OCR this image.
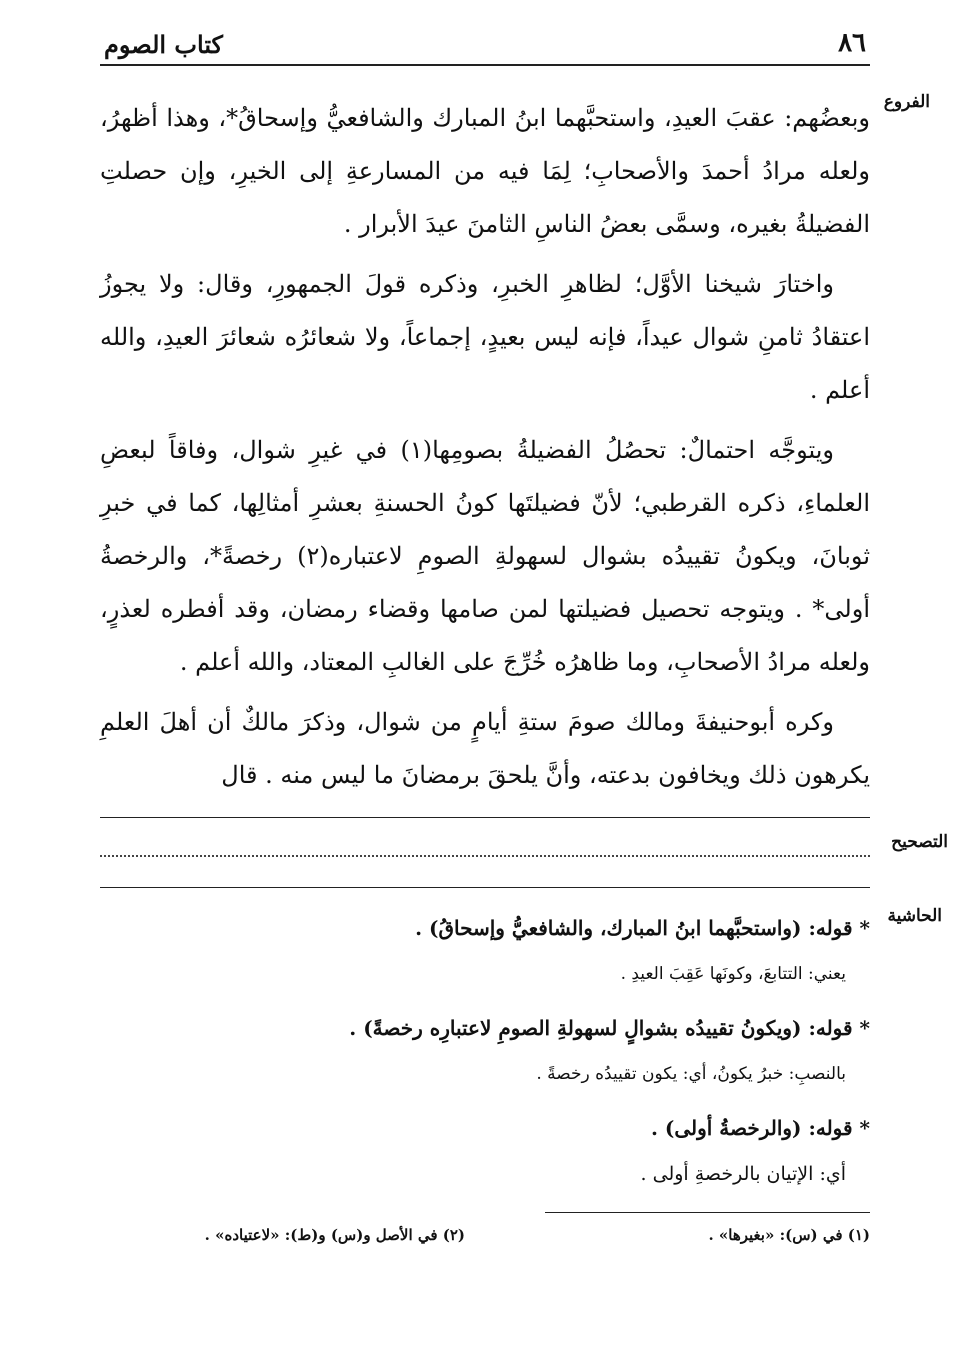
٨٦
كتاب الصوم
الفروع

وبعضُهم: عقبَ العيدِ، واستحبَّهما ابنُ المبارك والشافعيُّ وإسحاقُ*، وهذا أظهرُ، ولعله مرادُ أحمدَ والأصحابِ؛ لِمَا فيه من المسارعةِ إلى الخيرِ، وإن حصلتِ الفضيلةُ بغيره، وسمَّى بعضُ الناسِ الثامنَ عيدَ الأبرار .

واختارَ شيخنا الأوَّل؛ لظاهرِ الخبرِ، وذكره قولَ الجمهورِ، وقال: ولا يجوزُ اعتقادُ ثامنِ شوال عيداً، فإنه ليس بعيدٍ، إجماعاً، ولا شعائرُه شعائرَ العيدِ، والله أعلم .

ويتوجَّه احتمالٌ: تحصُلُ الفضيلةُ بصومِها(١) في غيرِ شوال، وفاقاً لبعضِ العلماءِ، ذكره القرطبي؛ لأنّ فضيلتَها كونُ الحسنةِ بعشرِ أمثالِها، كما في خبرِ ثوبانَ، ويكونُ تقييدُه بشوال لسهولةِ الصومِ لاعتباره(٢) رخصةً*، والرخصةُ أولى* . ويتوجه تحصيل فضيلتها لمن صامها وقضاء رمضان، وقد أفطره لعذرٍ، ولعله مرادُ الأصحابِ، وما ظاهرُه خُرِّجَ على الغالبِ المعتاد، والله أعلم .

وكره أبوحنيفةَ ومالك صومَ ستةِ أيامٍ من شوال، وذكرَ مالكٌ أن أهلَ العلمِ يكرهون ذلك ويخافون بدعته، وأنَّ يلحقَ برمضانَ ما ليس منه . قال

التصحيح
الحاشية

* قوله: (واستحبَّهما ابنُ المبارك، والشافعيُّ وإسحاقُ) .

يعني: التتابعَ، وكونَها عَقِبَ العيدِ .

* قوله: (ويكونُ تقييدُه بشوالٍ لسهولةِ الصومِ لاعتبارِه رخصةً) .

بالنصبِ: خبرُ يكونُ، أي: يكون تقييدُه رخصةً .

* قوله: (والرخصةُ أولى) .

أي: الإتيان بالرخصةِ أولى .

(١) في (س): «بغيرها» .
(٢) في الأصل و(س) و(ط): «لاعتياده» .
